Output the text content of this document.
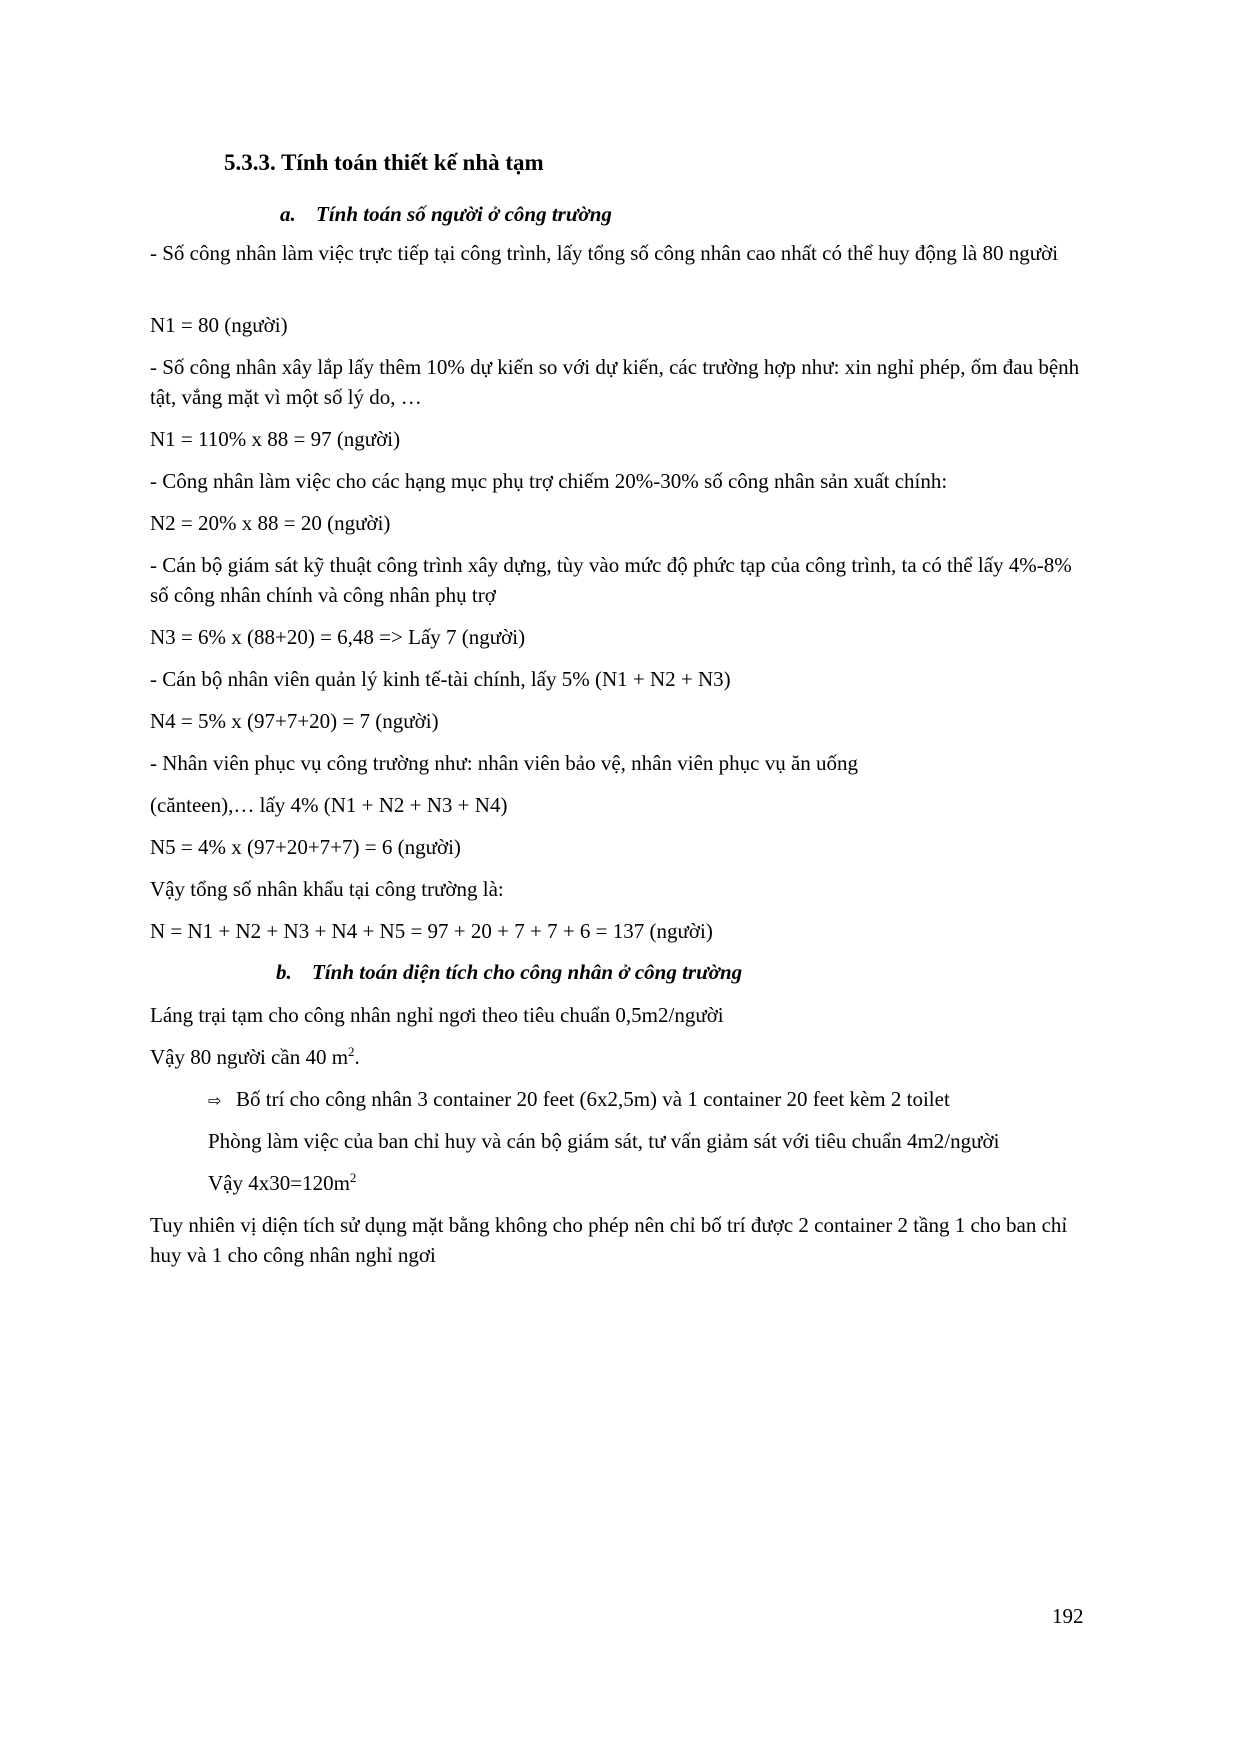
5.3.3. Tính toán thiết kế nhà tạm
a. Tính toán số người ở công trường
- Số công nhân làm việc trực tiếp tại công trình, lấy tổng số công nhân cao nhất có thể huy động là 80 người
N1 = 80 (người)
- Số công nhân xây lắp lấy thêm 10% dự kiến so với dự kiến, các trường hợp như: xin nghỉ phép, ốm đau bệnh tật, vắng mặt vì một số lý do, …
N1 = 110% x 88 = 97 (người)
- Công nhân làm việc cho các hạng mục phụ trợ chiếm 20%-30% số công nhân sản xuất chính:
N2 = 20% x 88 = 20 (người)
- Cán bộ giám sát kỹ thuật công trình xây dựng, tùy vào mức độ phức tạp của công trình, ta có thể lấy 4%-8% số công nhân chính và công nhân phụ trợ
N3 = 6% x (88+20) = 6,48 => Lấy 7 (người)
- Cán bộ nhân viên quản lý kinh tế-tài chính, lấy 5% (N1 + N2 + N3)
N4 = 5% x (97+7+20) = 7 (người)
- Nhân viên phục vụ công trường như: nhân viên bảo vệ, nhân viên phục vụ ăn uống
(cănteen),… lấy 4% (N1 + N2 + N3 + N4)
N5 = 4% x (97+20+7+7) = 6 (người)
Vậy tổng số nhân khẩu tại công trường là:
N = N1 + N2 + N3 + N4 + N5 = 97 + 20 + 7 + 7 + 6 = 137 (người)
b. Tính toán diện tích cho công nhân ở công trường
Láng trại tạm cho công nhân nghỉ ngơi theo tiêu chuẩn 0,5m2/người
Vậy 80 người cần 40 $m^2$.
⇨ Bố trí cho công nhân 3 container 20 feet (6x2,5m) và 1 container 20 feet kèm 2 toilet
Phòng làm việc của ban chỉ huy và cán bộ giám sát, tư vấn giảm sát với tiêu chuẩn 4m2/người
Vậy $4x30=120m^2$
Tuy nhiên vị diện tích sử dụng mặt bằng không cho phép nên chỉ bố trí được 2 container 2 tầng 1 cho ban chỉ huy và 1 cho công nhân nghỉ ngơi
192
